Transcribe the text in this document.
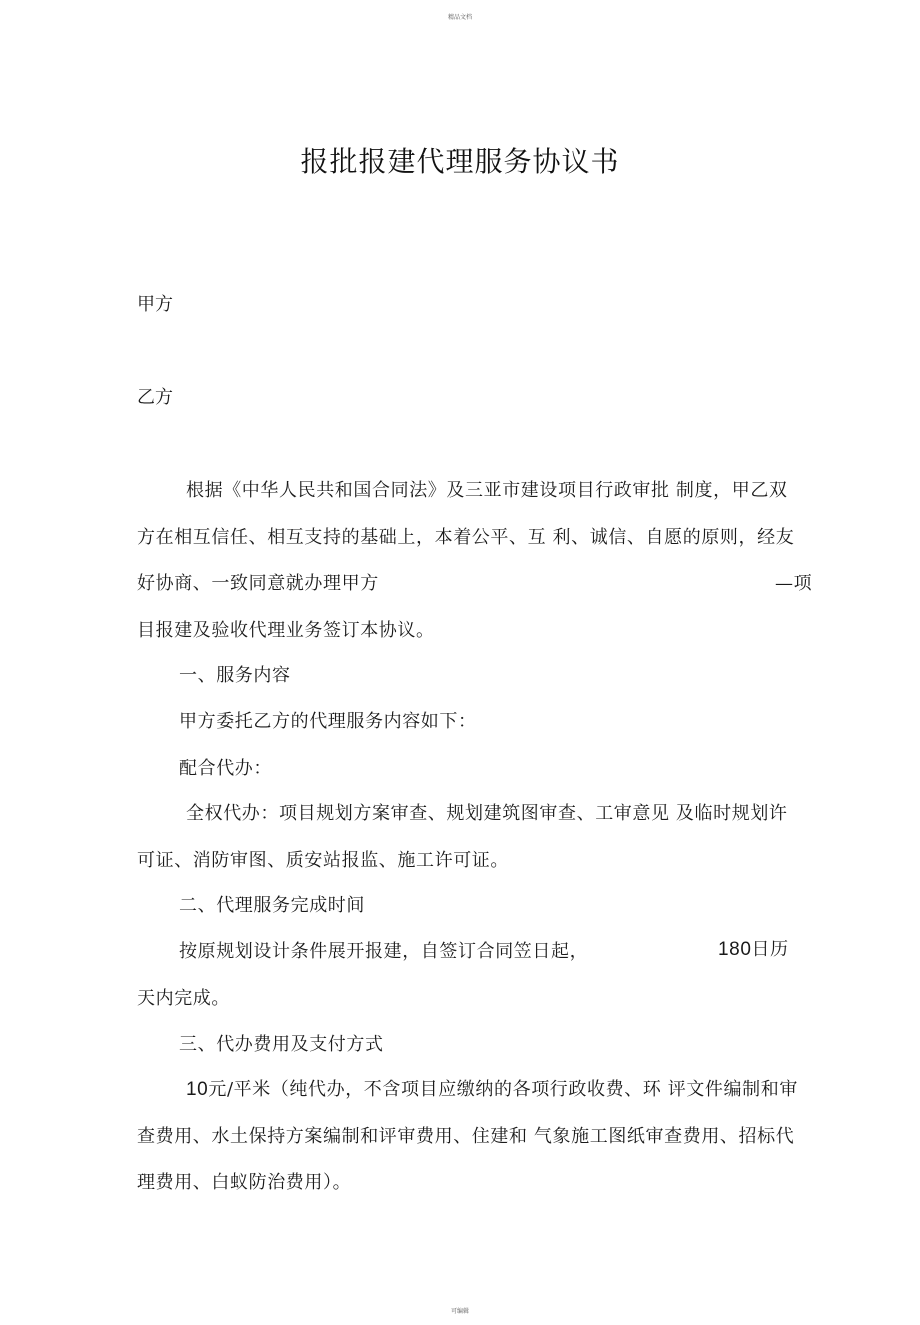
精品文档
报批报建代理服务协议书
甲方
乙方
根据《中华人民共和国合同法》及三亚市建设项目行政审批 制度，甲乙双
方在相互信任、相互支持的基础上，本着公平、互 利、诚信、自愿的原则，经友
好协商、一致同意就办理甲方	—项
目报建及验收代理业务签订本协议。
一、服务内容
甲方委托乙方的代理服务内容如下：
配合代办：
全权代办：项目规划方案审查、规划建筑图审查、工审意见 及临时规划许
可证、消防审图、质安站报监、施工许可证。
二、代理服务完成时间
按原规划设计条件展开报建，自签订合同笠日起，	180日历
天内完成。
三、代办费用及支付方式
10元/平米（纯代办，不含项目应缴纳的各项行政收费、环 评文件编制和审
查费用、水土保持方案编制和评审费用、住建和 气象施工图纸审查费用、招标代
理费用、白蚁防治费用）。
可编辑
